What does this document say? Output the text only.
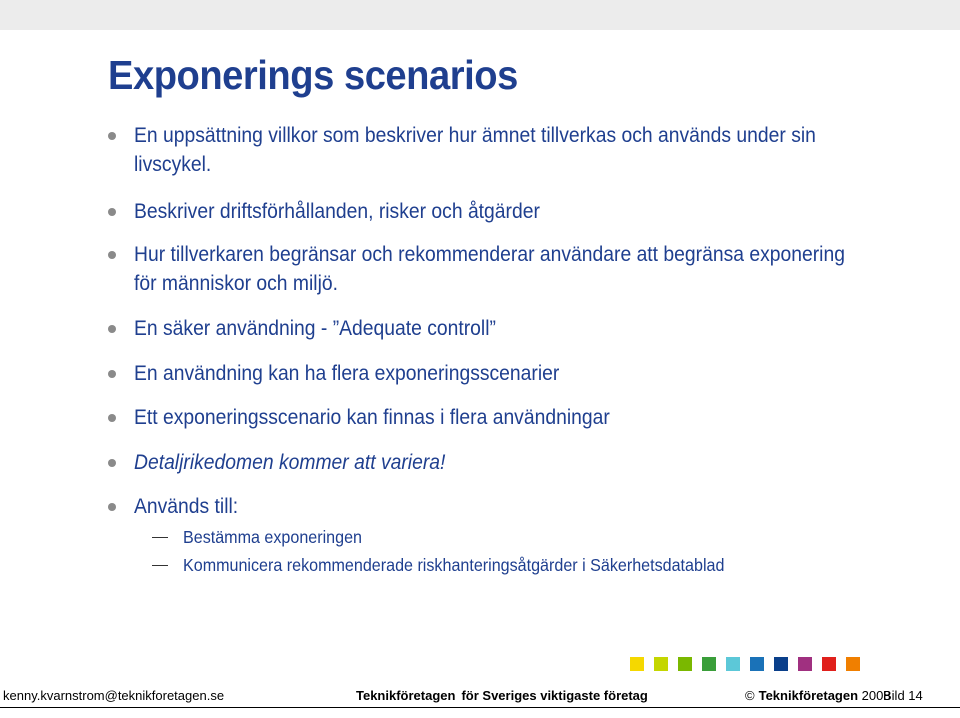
Exponerings scenarios
En uppsättning villkor som beskriver hur ämnet tillverkas och används under sin livscykel.
Beskriver driftsförhållanden, risker och åtgärder
Hur tillverkaren begränsar och rekommenderar användare att begränsa exponering för människor och miljö.
En säker användning - ”Adequate controll”
En användning kan ha flera exponeringsscenarier
Ett exponeringsscenario kan finnas i flera användningar
Detaljrikedomen kommer att variera!
Används till:
Bestämma exponeringen
Kommunicera rekommenderade riskhanteringsåtgärder i Säkerhetsdatablad
kenny.kvarnstrom@teknikforetagen.se	Teknikföretagen för Sveriges viktigaste företag	© Teknikföretagen 2008
Bild 14
